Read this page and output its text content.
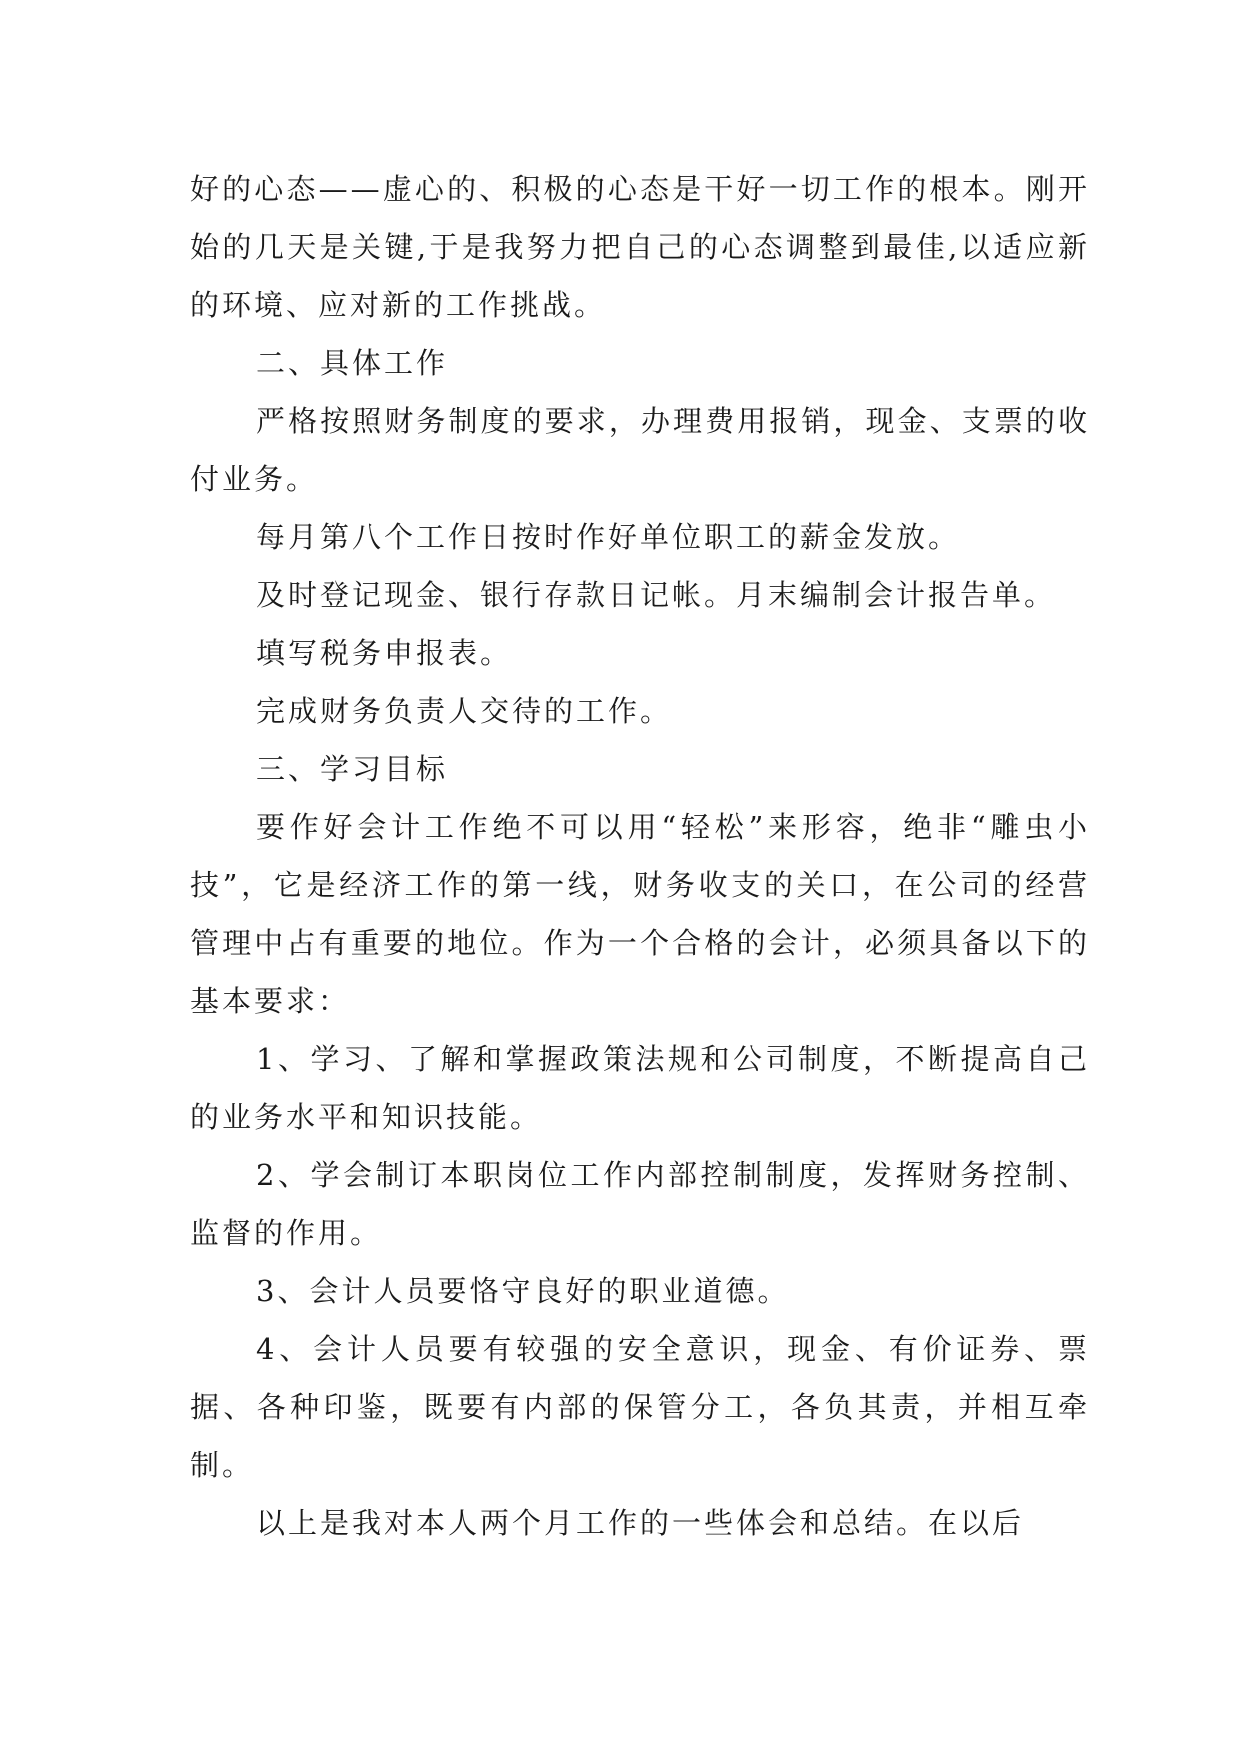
好的心态——虚心的、积极的心态是干好一切工作的根本。刚开始的几天是关键,于是我努力把自己的心态调整到最佳,以适应新的环境、应对新的工作挑战。

二、具体工作

严格按照财务制度的要求，办理费用报销，现金、支票的收付业务。

每月第八个工作日按时作好单位职工的薪金发放。

及时登记现金、银行存款日记帐。月末编制会计报告单。

填写税务申报表。

完成财务负责人交待的工作。

三、学习目标

要作好会计工作绝不可以用“轻松”来形容，绝非“雕虫小技”，它是经济工作的第一线，财务收支的关口，在公司的经营管理中占有重要的地位。作为一个合格的会计，必须具备以下的基本要求：

1、学习、了解和掌握政策法规和公司制度，不断提高自己的业务水平和知识技能。

2、学会制订本职岗位工作内部控制制度，发挥财务控制、监督的作用。

3、会计人员要恪守良好的职业道德。

4、会计人员要有较强的安全意识，现金、有价证券、票据、各种印鉴，既要有内部的保管分工，各负其责，并相互牵制。

以上是我对本人两个月工作的一些体会和总结。在以后
